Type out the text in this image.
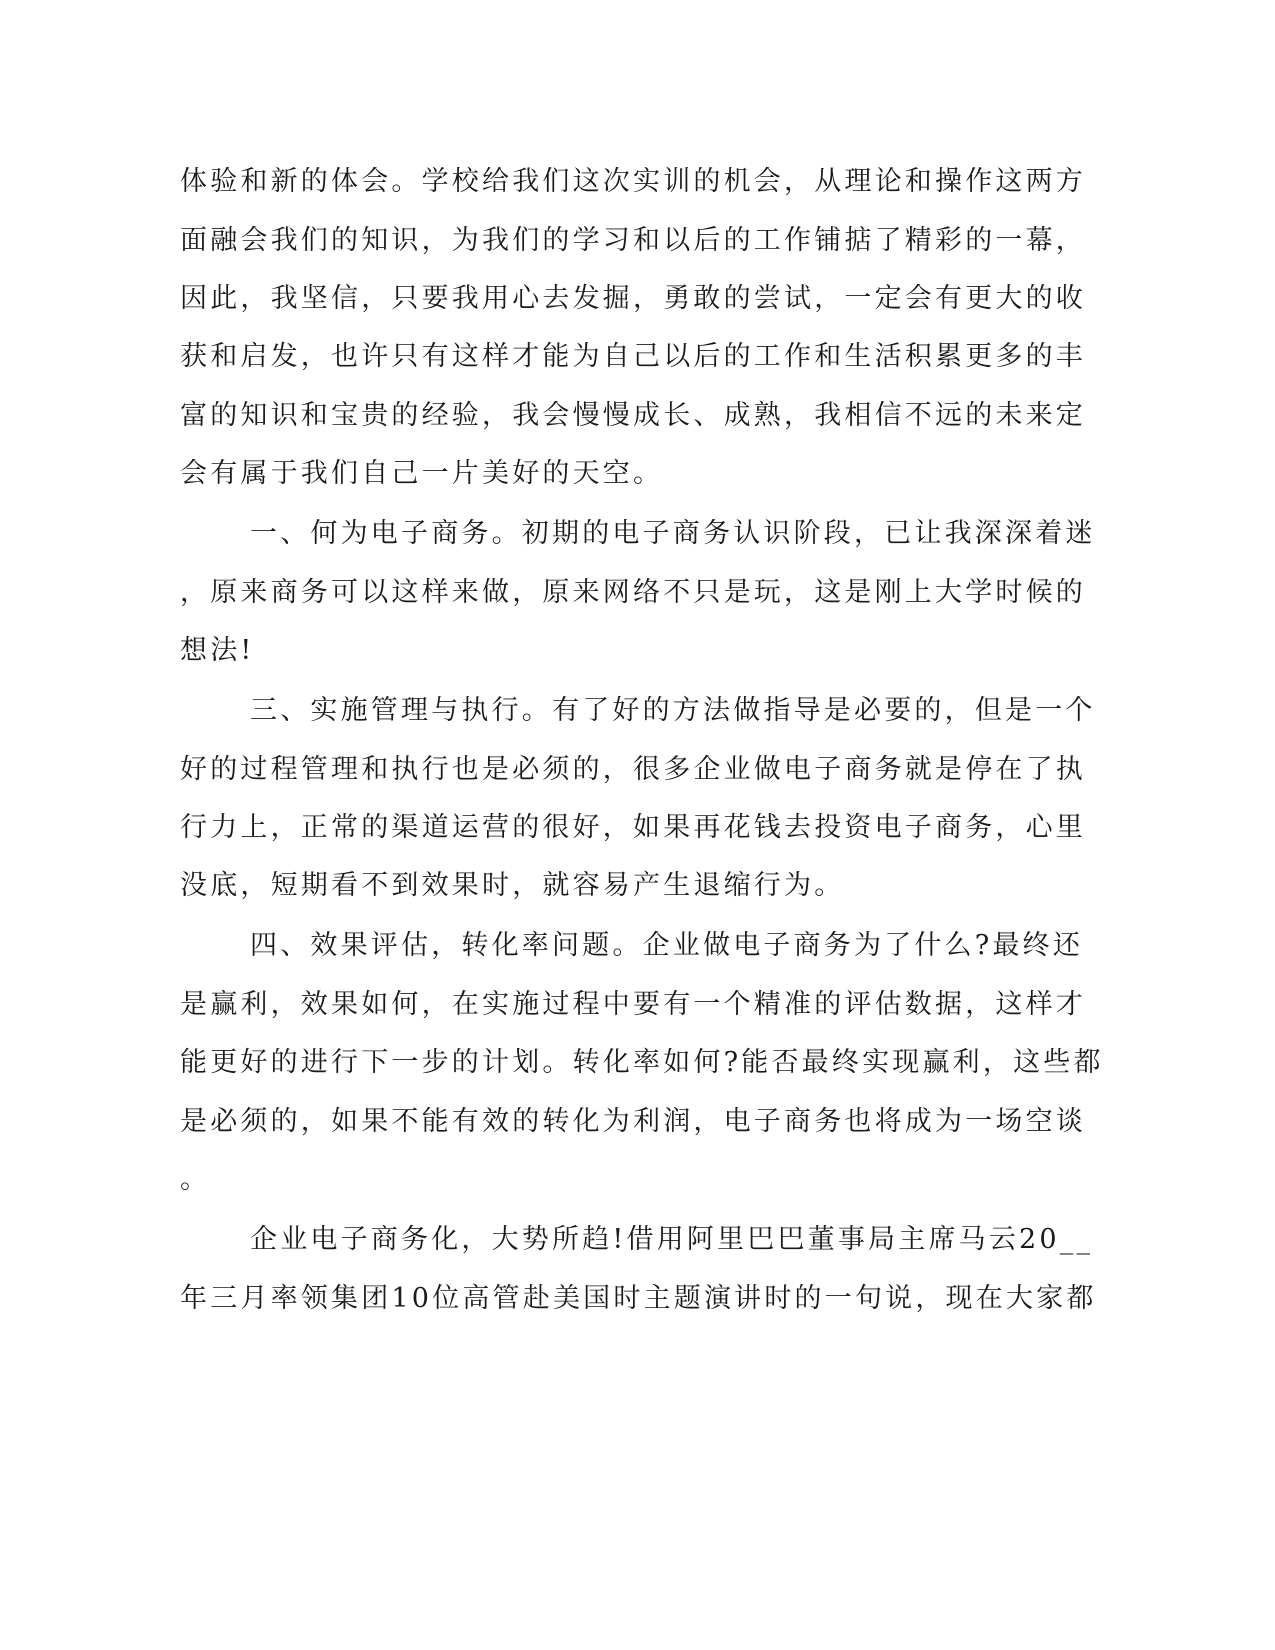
体验和新的体会。学校给我们这次实训的机会，从理论和操作这两方
面融会我们的知识，为我们的学习和以后的工作铺掂了精彩的一幕，
因此，我坚信，只要我用心去发掘，勇敢的尝试，一定会有更大的收
获和启发，也许只有这样才能为自己以后的工作和生活积累更多的丰
富的知识和宝贵的经验，我会慢慢成长、成熟，我相信不远的未来定
会有属于我们自己一片美好的天空。
一、何为电子商务。初期的电子商务认识阶段，已让我深深着迷
，原来商务可以这样来做，原来网络不只是玩，这是刚上大学时候的
想法!
三、实施管理与执行。有了好的方法做指导是必要的，但是一个
好的过程管理和执行也是必须的，很多企业做电子商务就是停在了执
行力上，正常的渠道运营的很好，如果再花钱去投资电子商务，心里
没底，短期看不到效果时，就容易产生退缩行为。
四、效果评估，转化率问题。企业做电子商务为了什么?最终还
是赢利，效果如何，在实施过程中要有一个精准的评估数据，这样才
能更好的进行下一步的计划。转化率如何?能否最终实现赢利，这些都
是必须的，如果不能有效的转化为利润，电子商务也将成为一场空谈
。
企业电子商务化，大势所趋!借用阿里巴巴董事局主席马云20__
年三月率领集团10位高管赴美国时主题演讲时的一句说，现在大家都
